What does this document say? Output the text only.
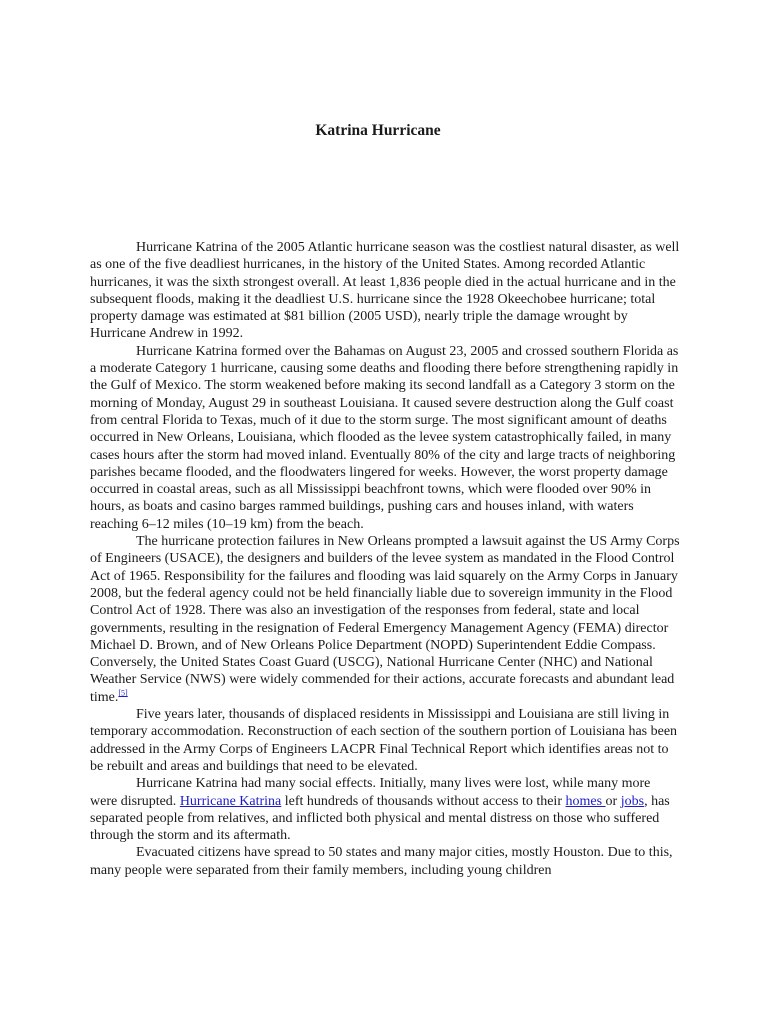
Katrina Hurricane

Hurricane Katrina of the 2005 Atlantic hurricane season was the costliest natural disaster, as well as one of the five deadliest hurricanes, in the history of the United States. Among recorded Atlantic hurricanes, it was the sixth strongest overall. At least 1,836 people died in the actual hurricane and in the subsequent floods, making it the deadliest U.S. hurricane since the 1928 Okeechobee hurricane; total property damage was estimated at $81 billion (2005 USD), nearly triple the damage wrought by Hurricane Andrew in 1992.

Hurricane Katrina formed over the Bahamas on August 23, 2005 and crossed southern Florida as a moderate Category 1 hurricane, causing some deaths and flooding there before strengthening rapidly in the Gulf of Mexico. The storm weakened before making its second landfall as a Category 3 storm on the morning of Monday, August 29 in southeast Louisiana. It caused severe destruction along the Gulf coast from central Florida to Texas, much of it due to the storm surge. The most significant amount of deaths occurred in New Orleans, Louisiana, which flooded as the levee system catastrophically failed, in many cases hours after the storm had moved inland. Eventually 80% of the city and large tracts of neighboring parishes became flooded, and the floodwaters lingered for weeks. However, the worst property damage occurred in coastal areas, such as all Mississippi beachfront towns, which were flooded over 90% in hours, as boats and casino barges rammed buildings, pushing cars and houses inland, with waters reaching 6–12 miles (10–19 km) from the beach.

The hurricane protection failures in New Orleans prompted a lawsuit against the US Army Corps of Engineers (USACE), the designers and builders of the levee system as mandated in the Flood Control Act of 1965. Responsibility for the failures and flooding was laid squarely on the Army Corps in January 2008, but the federal agency could not be held financially liable due to sovereign immunity in the Flood Control Act of 1928. There was also an investigation of the responses from federal, state and local governments, resulting in the resignation of Federal Emergency Management Agency (FEMA) director Michael D. Brown, and of New Orleans Police Department (NOPD) Superintendent Eddie Compass. Conversely, the United States Coast Guard (USCG), National Hurricane Center (NHC) and National Weather Service (NWS) were widely commended for their actions, accurate forecasts and abundant lead time.[5]

Five years later, thousands of displaced residents in Mississippi and Louisiana are still living in temporary accommodation. Reconstruction of each section of the southern portion of Louisiana has been addressed in the Army Corps of Engineers LACPR Final Technical Report which identifies areas not to be rebuilt and areas and buildings that need to be elevated.

Hurricane Katrina had many social effects. Initially, many lives were lost, while many more were disrupted. Hurricane Katrina left hundreds of thousands without access to their homes or jobs, has separated people from relatives, and inflicted both physical and mental distress on those who suffered through the storm and its aftermath.

Evacuated citizens have spread to 50 states and many major cities, mostly Houston. Due to this, many people were separated from their family members, including young children
